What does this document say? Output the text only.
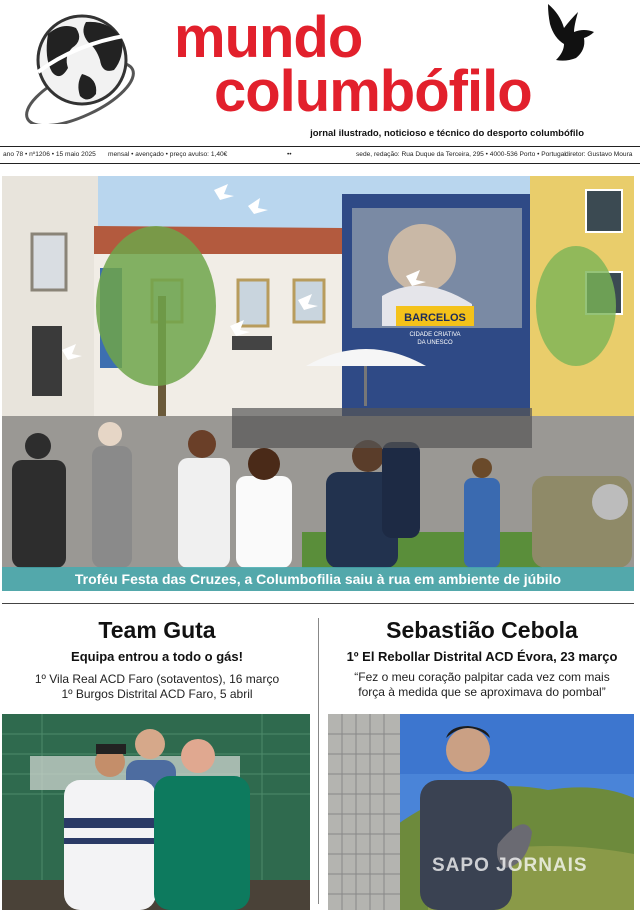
mundo
columbófilo
jornal ilustrado, noticioso e técnico do desporto columbófilo
ano 78 • nº1206 • 15 maio 2025 mensal • avençado • preço avulso: 1,40€	••	sede, redação: Rua Duque da Terceira, 295 • 4000-536 Porto • Portugal diretor: Gustavo Moura
BARCELOS
CIDADE CRIATIVA
DA UNESCO
Troféu Festa das Cruzes, a Columbofilia saiu à rua em ambiente de júbilo
Team Guta
Equipa entrou a todo o gás!
1º Vila Real ACD Faro (sotaventos), 16 março
1º Burgos Distrital ACD Faro, 5 abril
Sebastião Cebola
1º El Rebollar Distrital ACD Évora, 23 março
“Fez o meu coração palpitar cada vez com mais
força à medida que se aproximava do pombal”
SAPO JORNAIS
